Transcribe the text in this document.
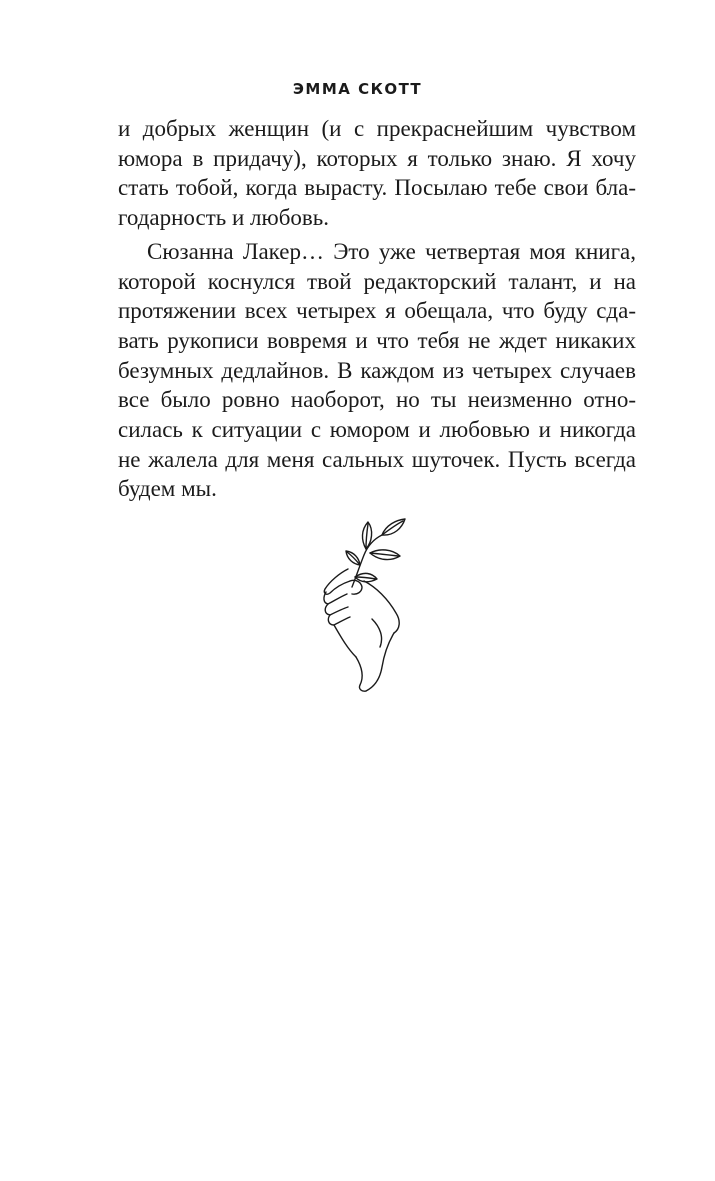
ЭММА СКОТТ
и добрых женщин (и с прекраснейшим чувством
юмора в придачу), которых я только знаю. Я хочу
стать тобой, когда вырасту. Посылаю тебе свои бла-
годарность и любовь.
Сюзанна Лакер… Это уже четвертая моя книга,
которой коснулся твой редакторский талант, и на
протяжении всех четырех я обещала, что буду сда-
вать рукописи вовремя и что тебя не ждет никаких
безумных дедлайнов. В каждом из четырех случаев
все было ровно наоборот, но ты неизменно отно-
силась к ситуации с юмором и любовью и никогда
не жалела для меня сальных шуточек. Пусть всегда
будем мы.
